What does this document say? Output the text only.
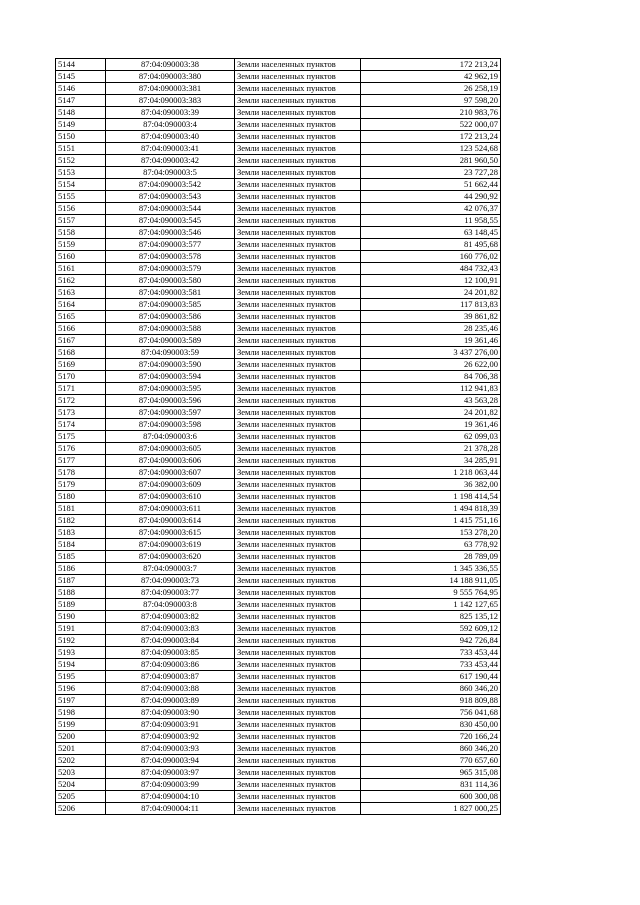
5144	87:04:090003:38	Земли населенных пунктов	172 213,24
5145	87:04:090003:380	Земли населенных пунктов	42 962,19
5146	87:04:090003:381	Земли населенных пунктов	26 258,19
5147	87:04:090003:383	Земли населенных пунктов	97 598,20
5148	87:04:090003:39	Земли населенных пунктов	210 983,76
5149	87:04:090003:4	Земли населенных пунктов	522 000,07
5150	87:04:090003:40	Земли населенных пунктов	172 213,24
5151	87:04:090003:41	Земли населенных пунктов	123 524,68
5152	87:04:090003:42	Земли населенных пунктов	281 960,50
5153	87:04:090003:5	Земли населенных пунктов	23 727,28
5154	87:04:090003:542	Земли населенных пунктов	51 662,44
5155	87:04:090003:543	Земли населенных пунктов	44 290,92
5156	87:04:090003:544	Земли населенных пунктов	42 076,37
5157	87:04:090003:545	Земли населенных пунктов	11 958,55
5158	87:04:090003:546	Земли населенных пунктов	63 148,45
5159	87:04:090003:577	Земли населенных пунктов	81 495,68
5160	87:04:090003:578	Земли населенных пунктов	160 776,02
5161	87:04:090003:579	Земли населенных пунктов	484 732,43
5162	87:04:090003:580	Земли населенных пунктов	12 100,91
5163	87:04:090003:581	Земли населенных пунктов	24 201,82
5164	87:04:090003:585	Земли населенных пунктов	117 813,83
5165	87:04:090003:586	Земли населенных пунктов	39 861,82
5166	87:04:090003:588	Земли населенных пунктов	28 235,46
5167	87:04:090003:589	Земли населенных пунктов	19 361,46
5168	87:04:090003:59	Земли населенных пунктов	3 437 276,00
5169	87:04:090003:590	Земли населенных пунктов	26 622,00
5170	87:04:090003:594	Земли населенных пунктов	84 706,38
5171	87:04:090003:595	Земли населенных пунктов	112 941,83
5172	87:04:090003:596	Земли населенных пунктов	43 563,28
5173	87:04:090003:597	Земли населенных пунктов	24 201,82
5174	87:04:090003:598	Земли населенных пунктов	19 361,46
5175	87:04:090003:6	Земли населенных пунктов	62 099,03
5176	87:04:090003:605	Земли населенных пунктов	21 378,28
5177	87:04:090003:606	Земли населенных пунктов	34 285,91
5178	87:04:090003:607	Земли населенных пунктов	1 218 063,44
5179	87:04:090003:609	Земли населенных пунктов	36 382,00
5180	87:04:090003:610	Земли населенных пунктов	1 198 414,54
5181	87:04:090003:611	Земли населенных пунктов	1 494 818,39
5182	87:04:090003:614	Земли населенных пунктов	1 415 751,16
5183	87:04:090003:615	Земли населенных пунктов	153 278,20
5184	87:04:090003:619	Земли населенных пунктов	63 778,92
5185	87:04:090003:620	Земли населенных пунктов	28 789,09
5186	87:04:090003:7	Земли населенных пунктов	1 345 336,55
5187	87:04:090003:73	Земли населенных пунктов	14 188 911,05
5188	87:04:090003:77	Земли населенных пунктов	9 555 764,95
5189	87:04:090003:8	Земли населенных пунктов	1 142 127,65
5190	87:04:090003:82	Земли населенных пунктов	825 135,12
5191	87:04:090003:83	Земли населенных пунктов	592 609,12
5192	87:04:090003:84	Земли населенных пунктов	942 726,84
5193	87:04:090003:85	Земли населенных пунктов	733 453,44
5194	87:04:090003:86	Земли населенных пунктов	733 453,44
5195	87:04:090003:87	Земли населенных пунктов	617 190,44
5196	87:04:090003:88	Земли населенных пунктов	860 346,20
5197	87:04:090003:89	Земли населенных пунктов	918 809,88
5198	87:04:090003:90	Земли населенных пунктов	756 041,68
5199	87:04:090003:91	Земли населенных пунктов	830 450,00
5200	87:04:090003:92	Земли населенных пунктов	720 166,24
5201	87:04:090003:93	Земли населенных пунктов	860 346,20
5202	87:04:090003:94	Земли населенных пунктов	770 657,60
5203	87:04:090003:97	Земли населенных пунктов	965 315,08
5204	87:04:090003:99	Земли населенных пунктов	831 114,36
5205	87:04:090004:10	Земли населенных пунктов	600 300,08
5206	87:04:090004:11	Земли населенных пунктов	1 827 000,25
